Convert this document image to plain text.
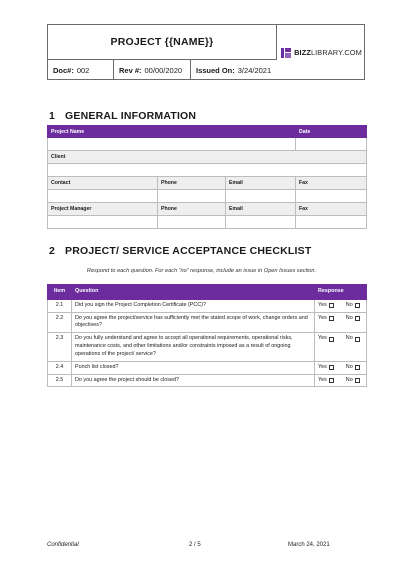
PROJECT {{NAME}}
BIZZLIBRARY.COM
Doc#: 002	Rev #: 00/00/2020 Issued On: 3/24/2021
1 GENERAL INFORMATION
Project Name			Date

Client			

Contact	Phone	Email	Fax

Project Manager	Phone	Email	Fax

2 PROJECT/ SERVICE ACCEPTANCE CHECKLIST
Respond to each question. For each “no” response, include an issue in Open Issues section.
Item	Question	Response
2.1	Did you sign the Project Completion Certificate (PCC)?	Yes No

2.2	Do you agree the project/service has sufficiently met the stated scope of work, change orders and objectives?	Yes No

2.3	Do you fully understand and agree to accept all operational requirements, operational risks, maintenance costs, and other limitations and/or constraints imposed as a result of ongoing operations of the project/ service?	Yes No

2.4	Punch list closed?	Yes No

2.5	Do you agree the project should be closed?	Yes No
Confidential	2 / 5	March 24, 2021
